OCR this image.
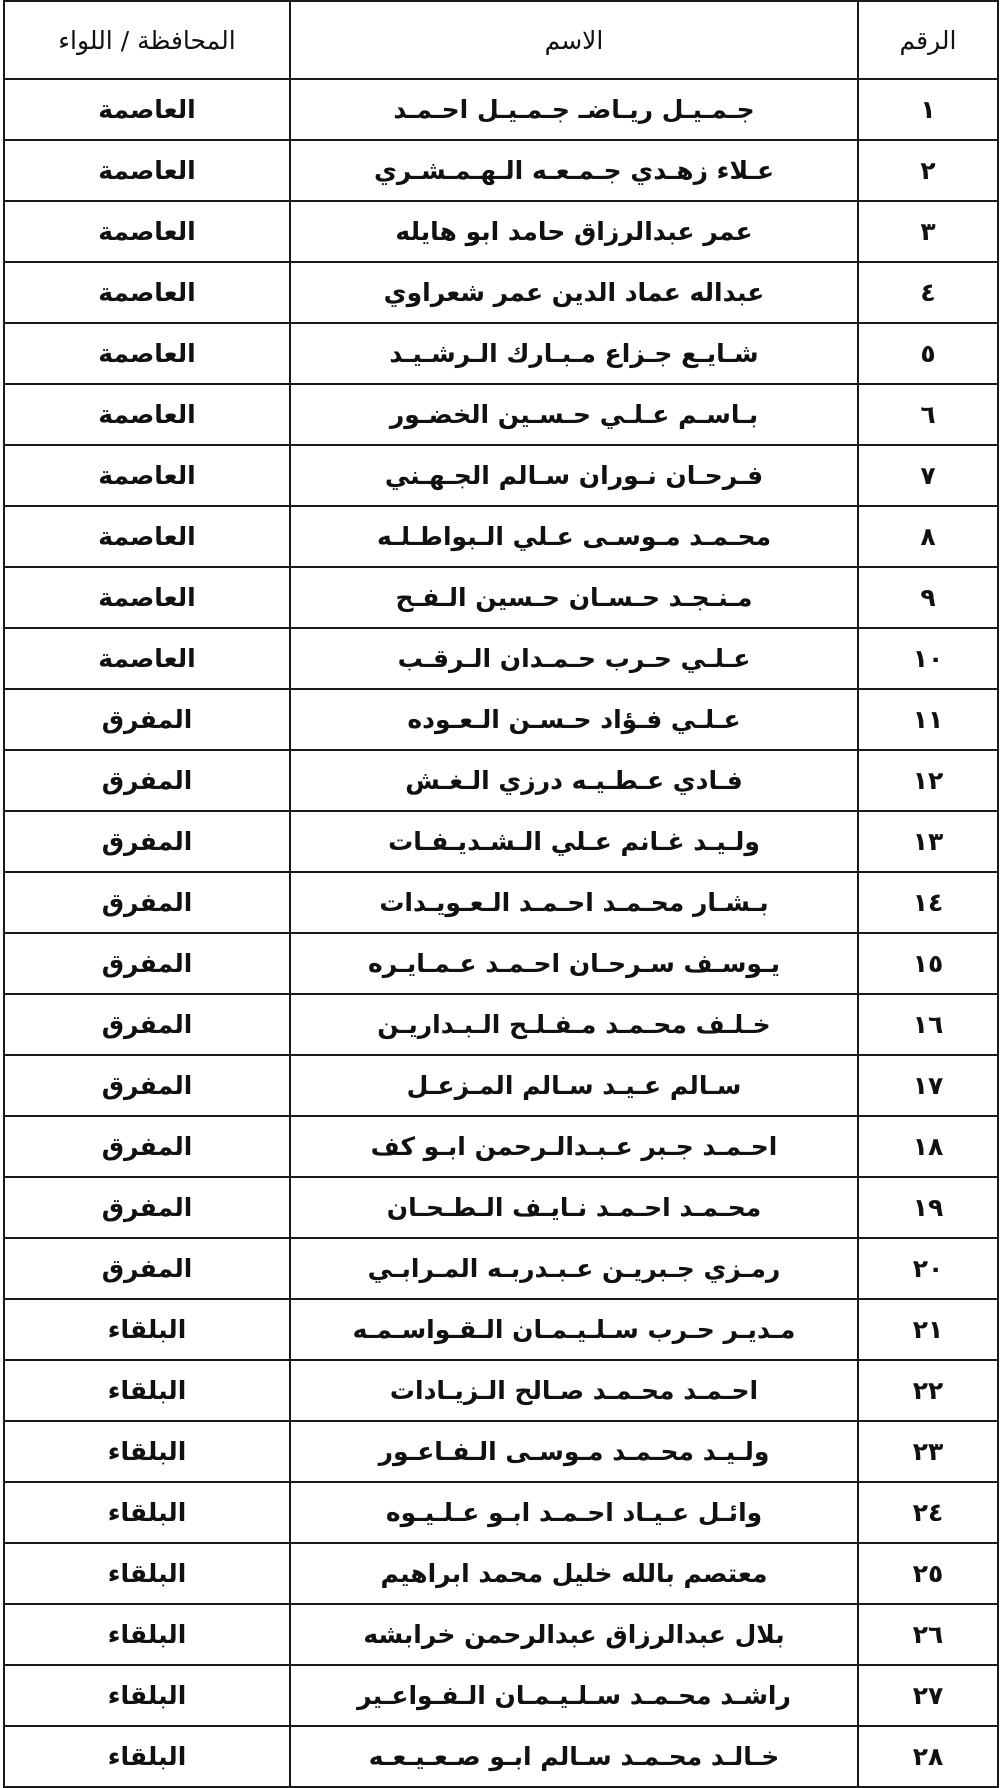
الرقم	الاسم	المحافظة / اللواء
١	جـمـيـل ريـاضـ جـمـيـل احـمـد	العاصمة
٢	عـلاء زهـدي جـمـعـه الـهـمـشـري	العاصمة
٣	عمر عبدالرزاق حامد ابو هايله	العاصمة
٤	عبداله عماد الدين عمر شعراوي	العاصمة
٥	شـايـع جـزاع مـبـارك الـرشـيـد	العاصمة
٦	بـاسـم عـلـي حـسـين الخضـور	العاصمة
٧	فـرحـان نـوران سـالم الجـهـني	العاصمة
٨	محـمـد مـوسـى عـلي الـبواطـلـه	العاصمة
٩	مـنـجـد حـسـان حـسين الـفـح	العاصمة
١٠	عـلـي حـرب حـمـدان الـرقـب	العاصمة
١١	عـلـي فـؤاد حـسـن الـعـوده	المفرق
١٢	فـادي عـطـيـه درزي الـغـش	المفرق
١٣	ولـيـد غـانم عـلي الـشـديـفـات	المفرق
١٤	بـشـار محـمـد احـمـد الـعـويـدات	المفرق
١٥	يـوسـف سـرحـان احـمـد عـمـايـره	المفرق
١٦	خـلـف محـمـد مـفـلـح الـبـداريـن	المفرق
١٧	سـالم عـيـد سـالم المـزعـل	المفرق
١٨	احـمـد جـبر عـبـدالـرحمن ابـو كف	المفرق
١٩	محـمـد احـمـد نـايـف الـطـحـان	المفرق
٢٠	رمـزي جـبريـن عـبـدربـه المـرابـي	المفرق
٢١	مـديـر حـرب سـلـيـمـان الـقـواسـمـه	البلقاء
٢٢	احـمـد محـمـد صـالح الـزيـادات	البلقاء
٢٣	ولـيـد محـمـد مـوسـى الـفـاعـور	البلقاء
٢٤	وائـل عـيـاد احـمـد ابـو عـلـيـوه	البلقاء
٢٥	معتصم بالله خليل محمد ابراهيم	البلقاء
٢٦	بلال عبدالرزاق عبدالرحمن خرابشه	البلقاء
٢٧	راشـد محـمـد سـلـيـمـان الـفـواعـير	البلقاء
٢٨	خـالـد محـمـد سـالم ابـو صـعـيـعـه	البلقاء
